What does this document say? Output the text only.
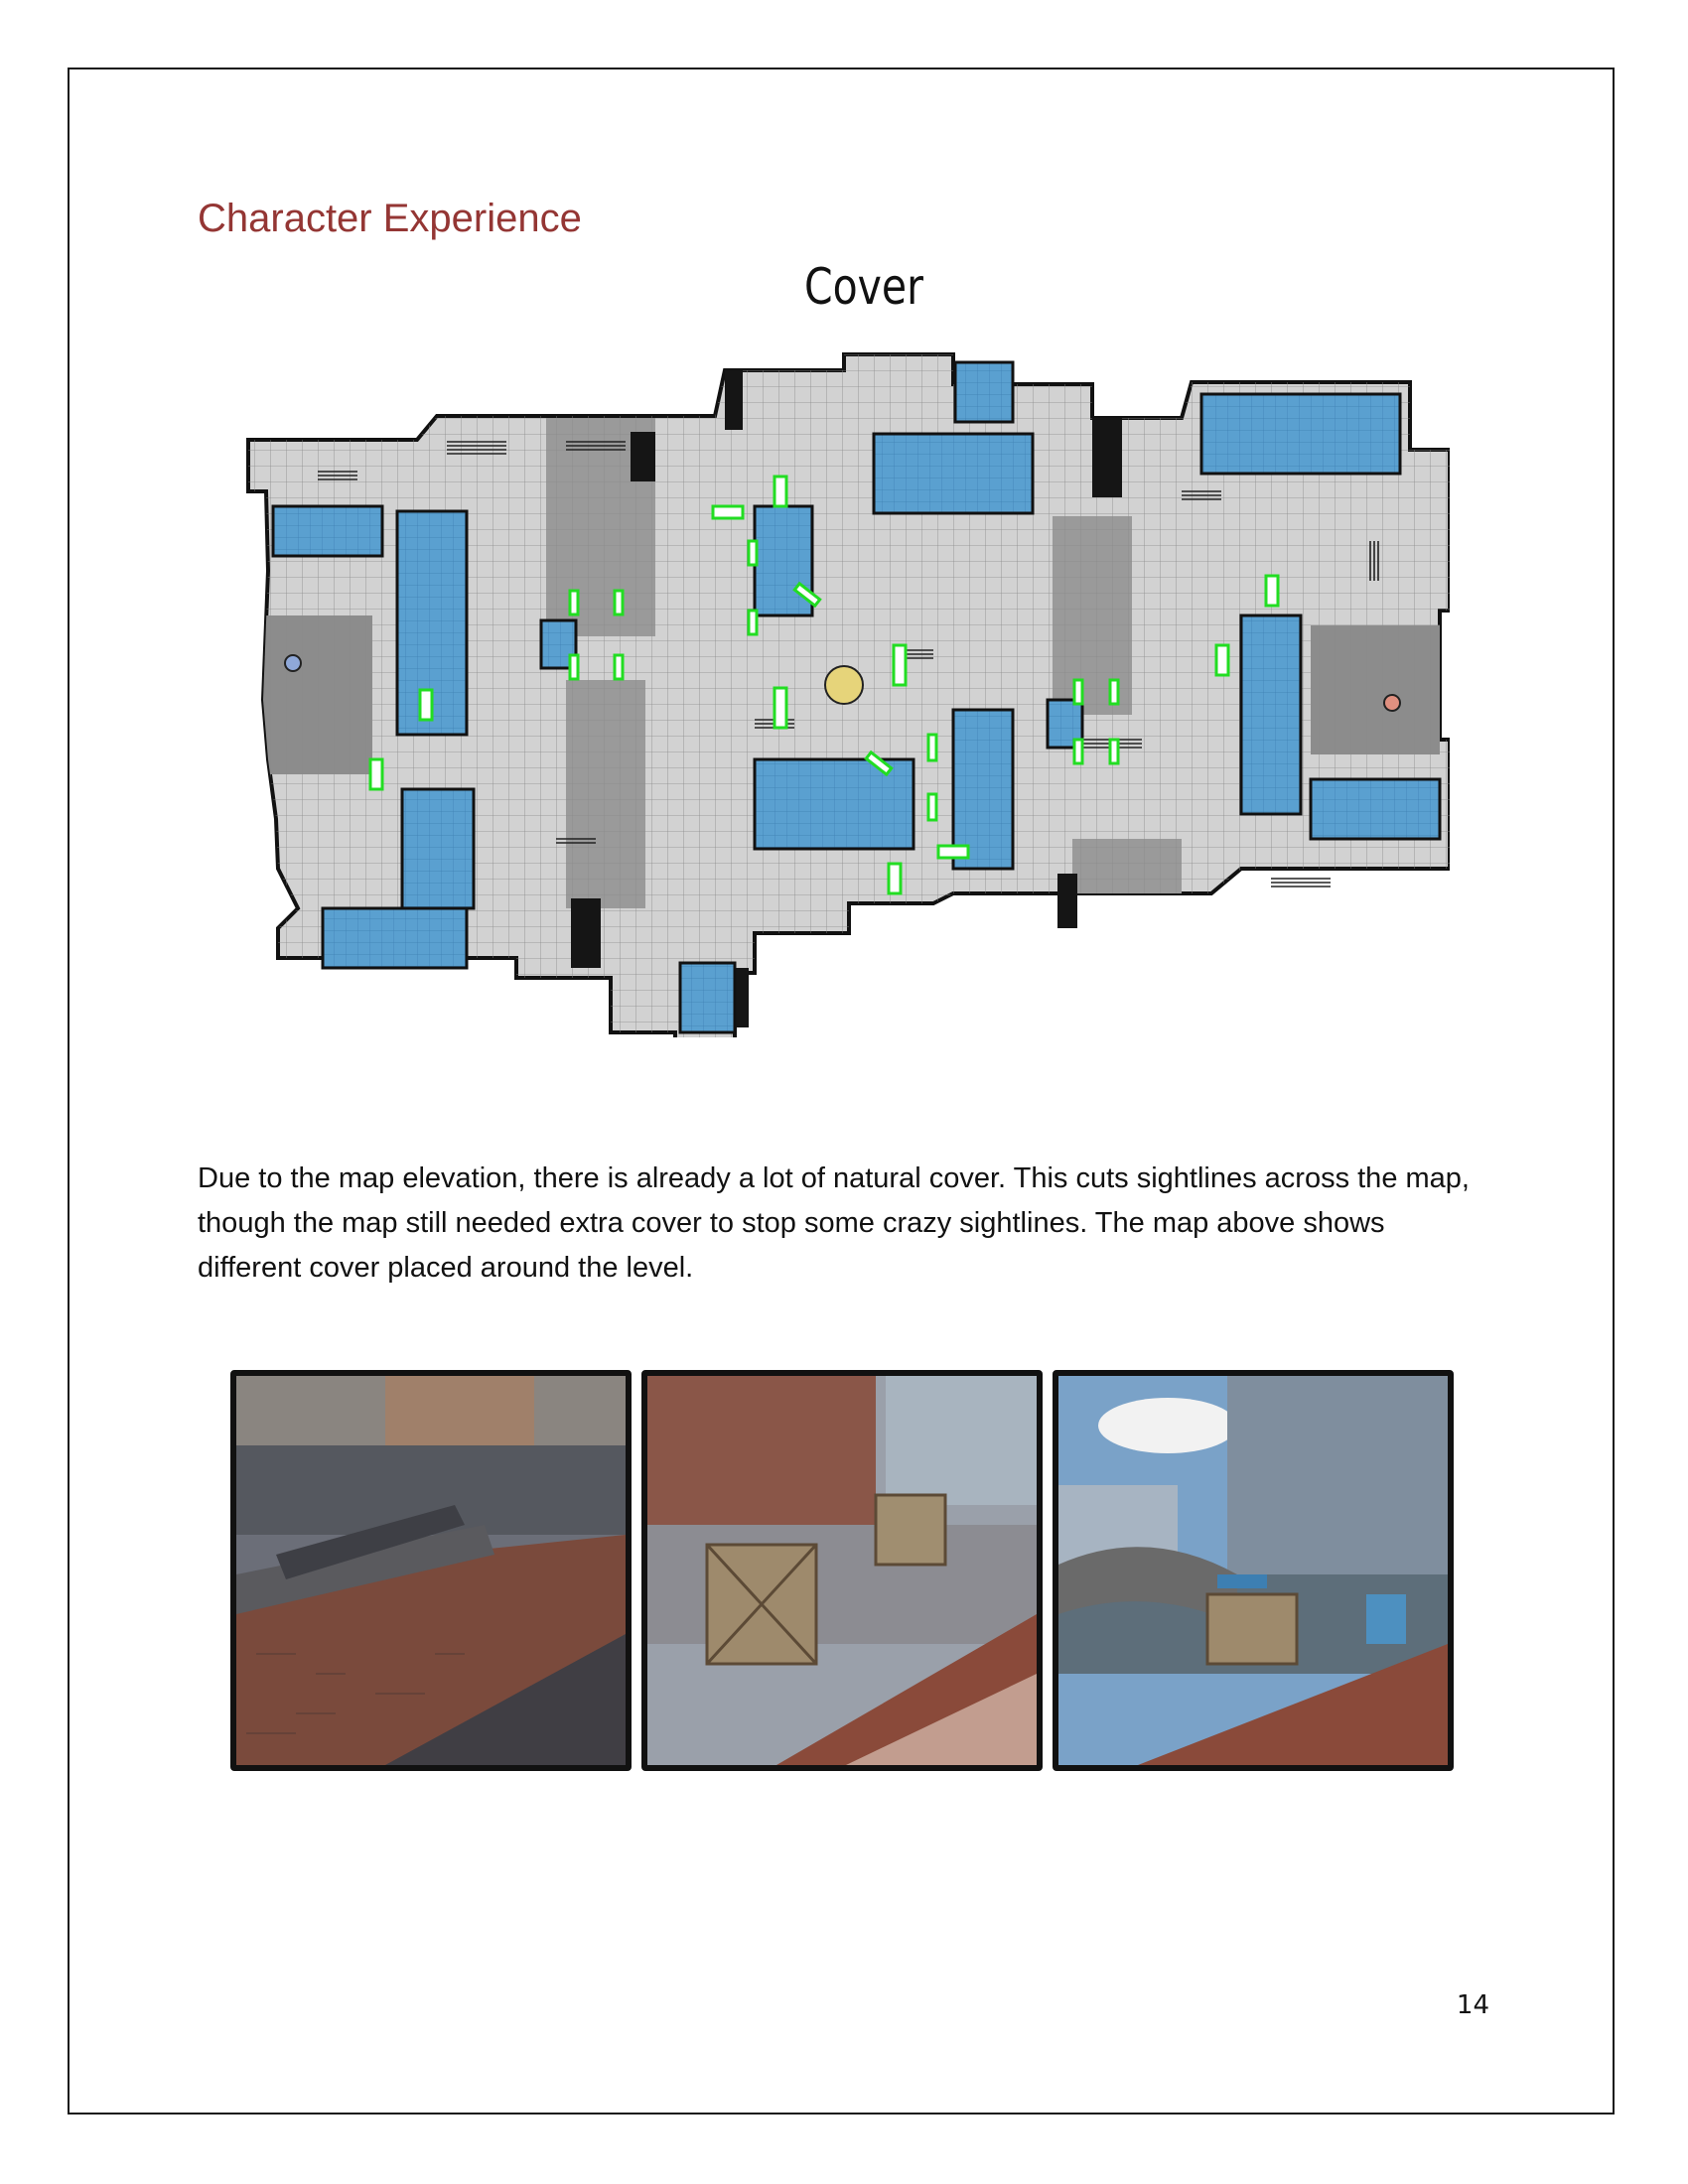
Character Experience
Cover

Due to the map elevation, there is already a lot of natural cover. This cuts sightlines across the map, though the map still needed extra cover to stop some crazy sightlines. The map above shows different cover placed around the level.

14
